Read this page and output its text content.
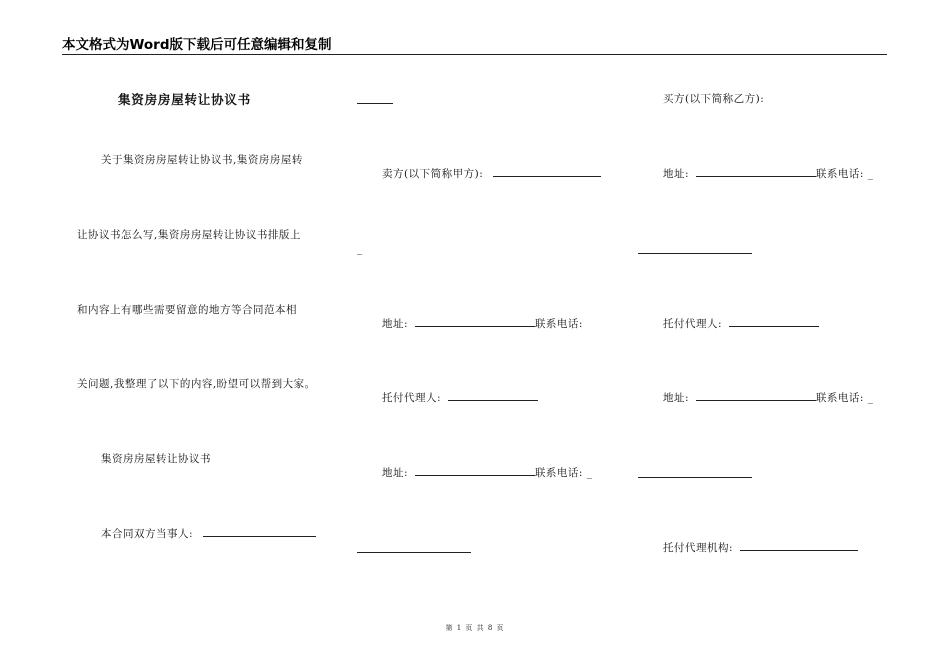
本文格式为Word版下载后可任意编辑和复制
集资房房屋转让协议书
关于集资房房屋转让协议书,集资房房屋转
让协议书怎么写,集资房房屋转让协议书排版上
和内容上有哪些需要留意的地方等合同范本相
关问题,我整理了以下的内容,盼望可以帮到大家。
集资房房屋转让协议书
本合同双方当事人:
卖方(以下简称甲方):
_
地址:	联系电话:
托付代理人:
地址:	联系电话: _
买方(以下简称乙方):
地址:	联系电话: _
托付代理人:
地址:	联系电话: _
托付代理机构:
第 1 页 共 8 页
